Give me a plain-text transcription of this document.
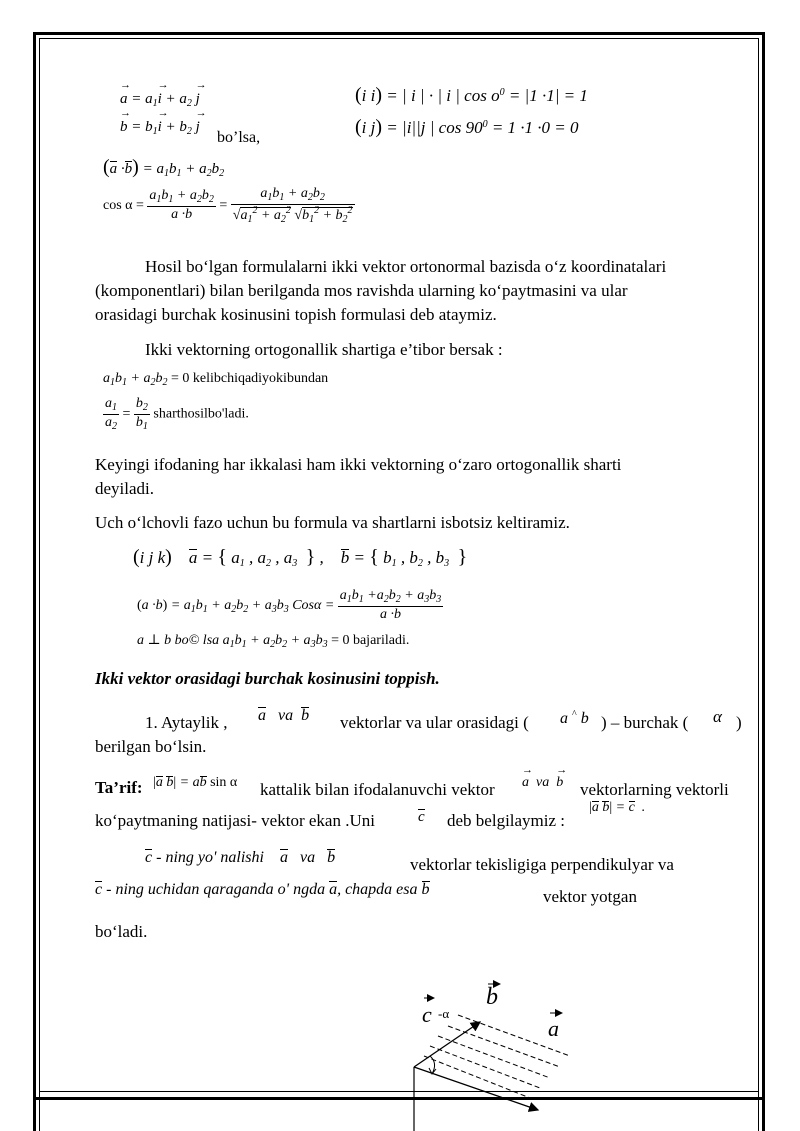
→ $a = a_1\to i + a_2 \to j$
→ $b = b_1\to i + b_2 \to j$
bo’lsa,
(i i) = | i | · | i | $\cos o^0 = |1 \cdot 1| = 1$
(i j) = |i||j | $\cos 90^0 = 1 \cdot 1 \cdot 0 = 0$
$(a \cdot b) = a_1b_1 + a_2b_2$
$\cos \alpha = \frac{a_1b_1 + a_2b_2}{a \cdot b} = \frac{a_1b_1 + a_2b_2}{√a_1^2 + a_2^2 √b_1^2 + b_2^2}$
Hosil bo‘lgan formulalarni ikki vektor ortonormal bazisda o‘z koordinatalari
(komponentlari) bilan berilganda mos ravishda ularning ko‘paytmasini va ular
orasidagi burchak kosinusini topish formulasi deb ataymiz.
Ikki vektorning ortogonallik shartiga e’tibor bersak :
$a_1b_1 + a_2b_2 = 0$ kelibchiqadiyokibundan
$\frac{a_1}{a_2} = \frac{b_2}{b_1}$ sharthosilbo'ladi.
Keyingi ifodaning har ikkalasi ham ikki vektorning o‘zaro ortogonallik sharti
deyiladi.
Uch o‘lchovli fazo uchun bu formula va shartlarni isbotsiz keltiramiz.
(i j k) a = { $a_1$ , $a_2$ , $a_3$ } ,    b = { $b_1$ , $b_2$ , $b_3$ }
$(a \cdot b) = a_1b_1 + a_2b_2 + a_3b_3$ $Cos\alpha = \frac{a_1b_1 +a_2b_2 + a_3b_3}{a \cdot b}$
a ⊥ b bo© lsa $a_1b_1 + a_2b_2 + a_3b_3 = 0$ bajariladi.
Ikki vektor orasidagi burchak kosinusini toppish.
1. Aytaylik , a   va  b vektorlar va ular orasidagi ( a ^ b ) – burchak ( α )
berilgan bo‘lsin.
Ta’rif: |a b| = ab sin α kattalik bilan ifodalanuvchi vektor → a  va  → b vektorlarning vektorli
ko‘paytmaning natijasi- vektor ekan .Uni	c deb belgilaymiz :
|a b| = c  .
c - ning yo' nalishi a va b	vektorlar tekisligiga perpendikulyar va
c - ning uchidan qaraganda o' ngda a, chapda esa b	vektor yotgan
bo‘ladi.
b
a
c -α
